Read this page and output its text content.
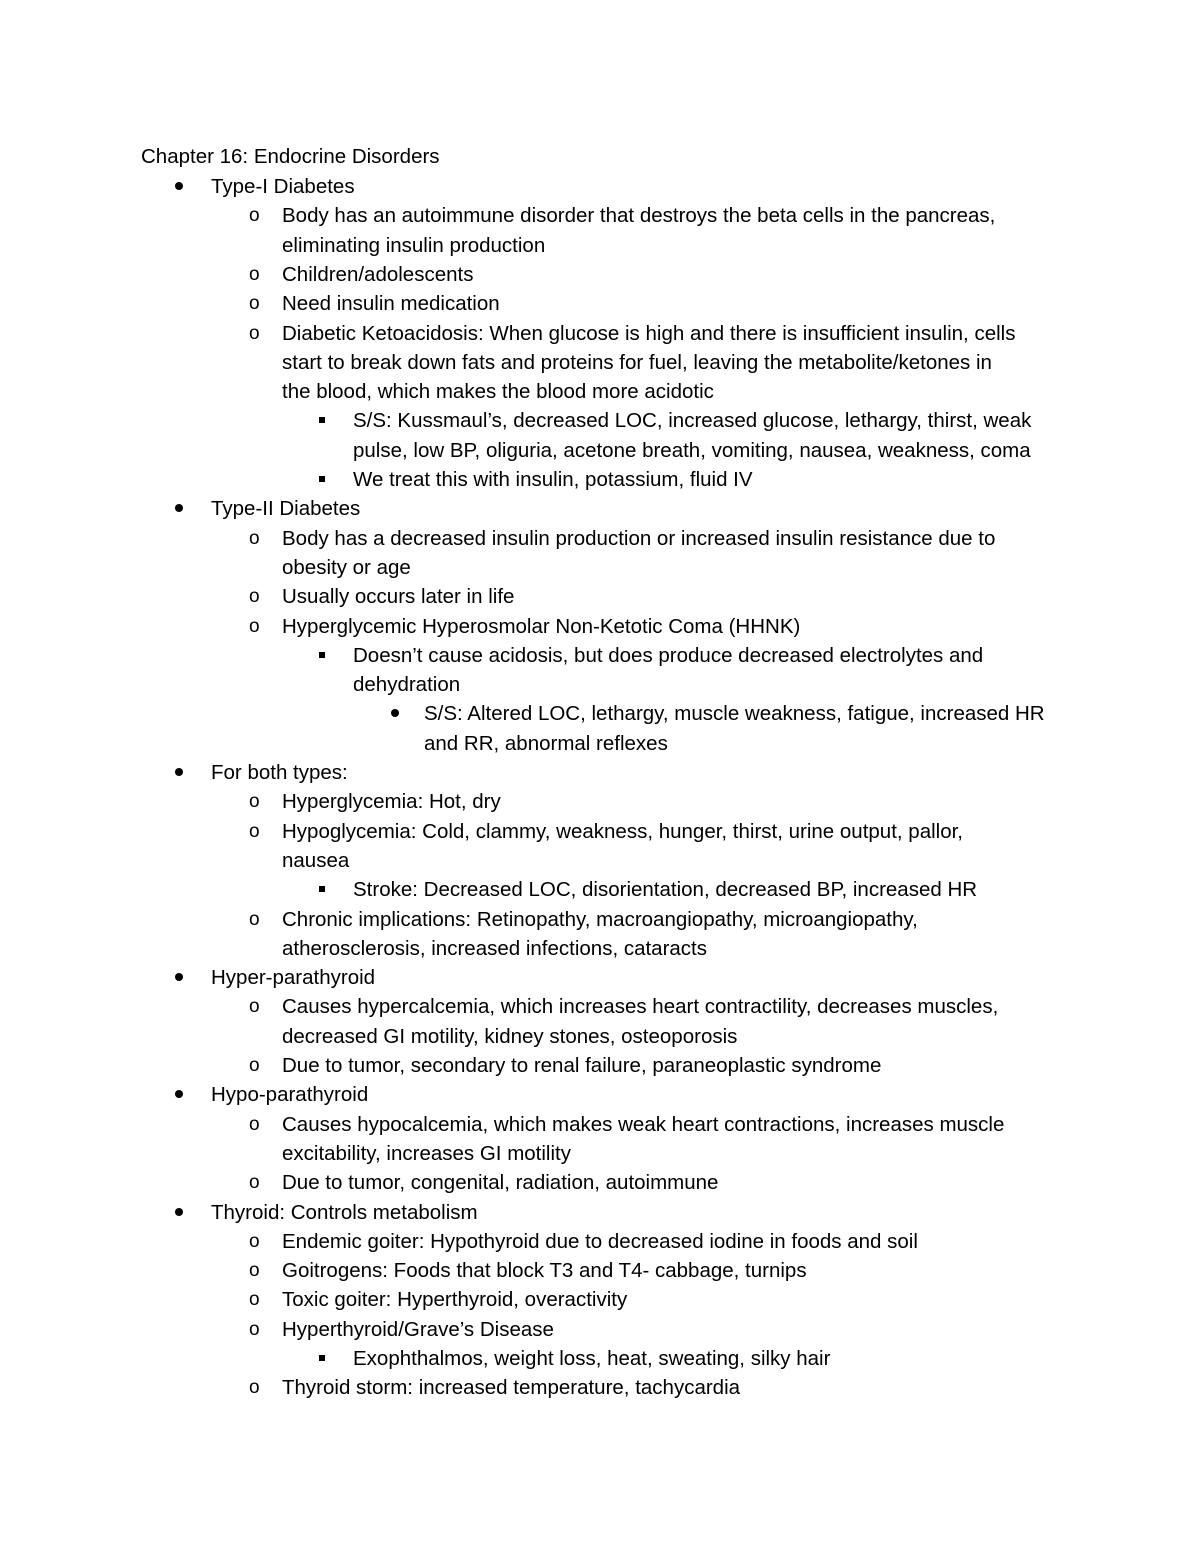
Chapter 16: Endocrine Disorders
Type-I Diabetes
o Body has an autoimmune disorder that destroys the beta cells in the pancreas,
eliminating insulin production
o Children/adolescents
o Need insulin medication
o Diabetic Ketoacidosis: When glucose is high and there is insufficient insulin, cells
start to break down fats and proteins for fuel, leaving the metabolite/ketones in
the blood, which makes the blood more acidotic
S/S: Kussmaul’s, decreased LOC, increased glucose, lethargy, thirst, weak
pulse, low BP, oliguria, acetone breath, vomiting, nausea, weakness, coma
We treat this with insulin, potassium, fluid IV
Type-II Diabetes
o Body has a decreased insulin production or increased insulin resistance due to
obesity or age
o Usually occurs later in life
o Hyperglycemic Hyperosmolar Non-Ketotic Coma (HHNK)
Doesn’t cause acidosis, but does produce decreased electrolytes and
dehydration
S/S: Altered LOC, lethargy, muscle weakness, fatigue, increased HR
and RR, abnormal reflexes
For both types:
o Hyperglycemia: Hot, dry
o Hypoglycemia: Cold, clammy, weakness, hunger, thirst, urine output, pallor,
nausea
Stroke: Decreased LOC, disorientation, decreased BP, increased HR
o Chronic implications: Retinopathy, macroangiopathy, microangiopathy,
atherosclerosis, increased infections, cataracts
Hyper-parathyroid
o Causes hypercalcemia, which increases heart contractility, decreases muscles,
decreased GI motility, kidney stones, osteoporosis
o Due to tumor, secondary to renal failure, paraneoplastic syndrome
Hypo-parathyroid
o Causes hypocalcemia, which makes weak heart contractions, increases muscle
excitability, increases GI motility
o Due to tumor, congenital, radiation, autoimmune
Thyroid: Controls metabolism
o Endemic goiter: Hypothyroid due to decreased iodine in foods and soil
o Goitrogens: Foods that block T3 and T4- cabbage, turnips
o Toxic goiter: Hyperthyroid, overactivity
o Hyperthyroid/Grave’s Disease
Exophthalmos, weight loss, heat, sweating, silky hair
o Thyroid storm: increased temperature, tachycardia
